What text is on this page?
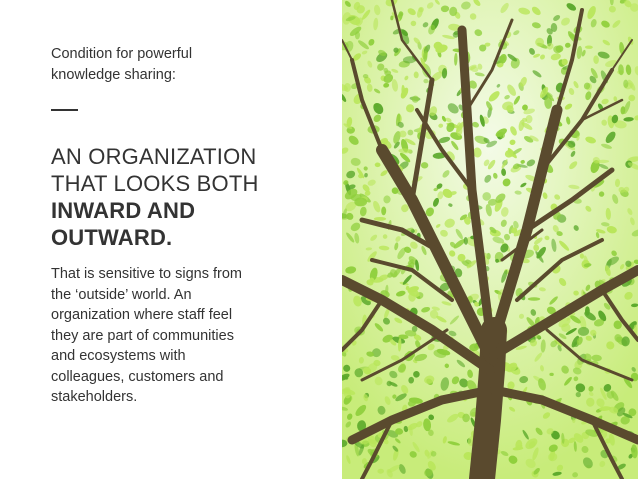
Condition for powerful
knowledge sharing:
AN ORGANIZATION
THAT LOOKS BOTH
INWARD AND
OUTWARD.
That is sensitive to signs from
the ‘outside’ world. An
organization where staff feel
they are part of communities
and ecosystems with
colleagues, customers and
stakeholders.
